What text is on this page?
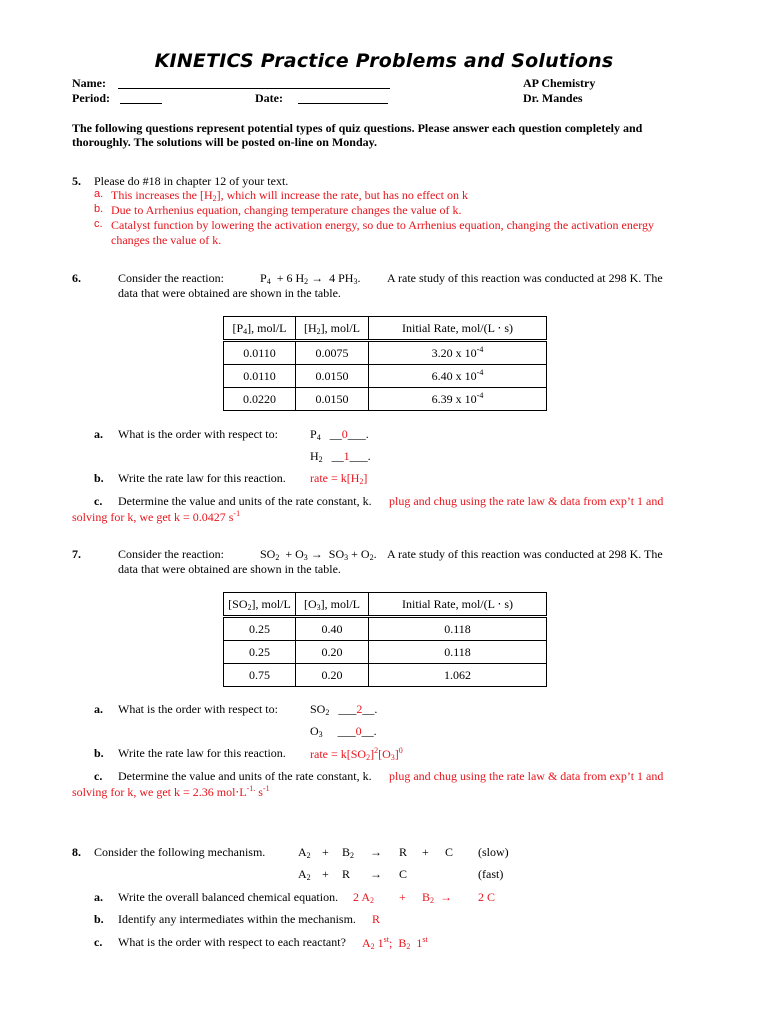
KINETICS Practice Problems and Solutions
Name:	AP Chemistry
Period:	Date:	Dr. Mandes
The following questions represent potential types of quiz questions. Please answer each question completely and
thoroughly. The solutions will be posted on-line on Monday.
5. Please do #18 in chapter 12 of your text.
a. This increases the $[H_2]$, which will increase the rate, but has no effect on k
b. Due to Arrhenius equation, changing temperature changes the value of k.
c. Catalyst function by lowering the activation energy, so due to Arrhenius equation, changing the activation energy
changes the value of k.
6.	Consider the reaction:	$P_4 + 6$ $H_2 \to 4$ $PH_3$. A rate study of this reaction was conducted at 298 K. The
data that were obtained are shown in the table.
$[P_4]$, mol/L	$[H_2]$, mol/L	Initial Rate, mol/(L ⋅ s)
0.0110	0.0075	3.20 x $10^{-4}$
0.0110	0.0150	6.40 x $10^{-4}$
0.0220	0.0150	6.39 x $10^{-4}$
a. What is the order with respect to:	$P_4$   __0___.
$H_2$   __1___.
b. Write the rate law for this reaction. rate = $k[H_2]$
c. Determine the value and units of the rate constant, k. plug and chug using the rate law & data from exp’t 1 and
solving for k, we get k = 0.0427 $s^{-1}$
7.	Consider the reaction:	$SO_2 + O_3 \to SO_3 + O_2$. A rate study of this reaction was conducted at 298 K. The
data that were obtained are shown in the table.
$[SO_2]$, mol/L	$[O_3]$, mol/L	Initial Rate, mol/(L ⋅ s)
0.25	0.40	0.118
0.25	0.20	0.118
0.75	0.20	1.062
a. What is the order with respect to:	$SO_2$   ___2__.
$O_3$     ___0__.
b. Write the rate law for this reaction. rate = $k[SO_2]^2[O_3]^0$
c. Determine the value and units of the rate constant, k. plug and chug using the rate law & data from exp’t 1 and
solving for k, we get k = 2.36 $mol\cdot L^{-1.}$ $s^{-1}$
8. Consider the following mechanism.	$A_2 + B_2 \to R + C$ (slow)
$A_2 + R \to C$	(fast)
a. Write the overall balanced chemical equation. 2 $A_2 + B_2 \to 2$ C
b. Identify any intermediates within the mechanism. R
c. What is the order with respect to each reactant? $A_2$ 1st;  $B_2$  1st
